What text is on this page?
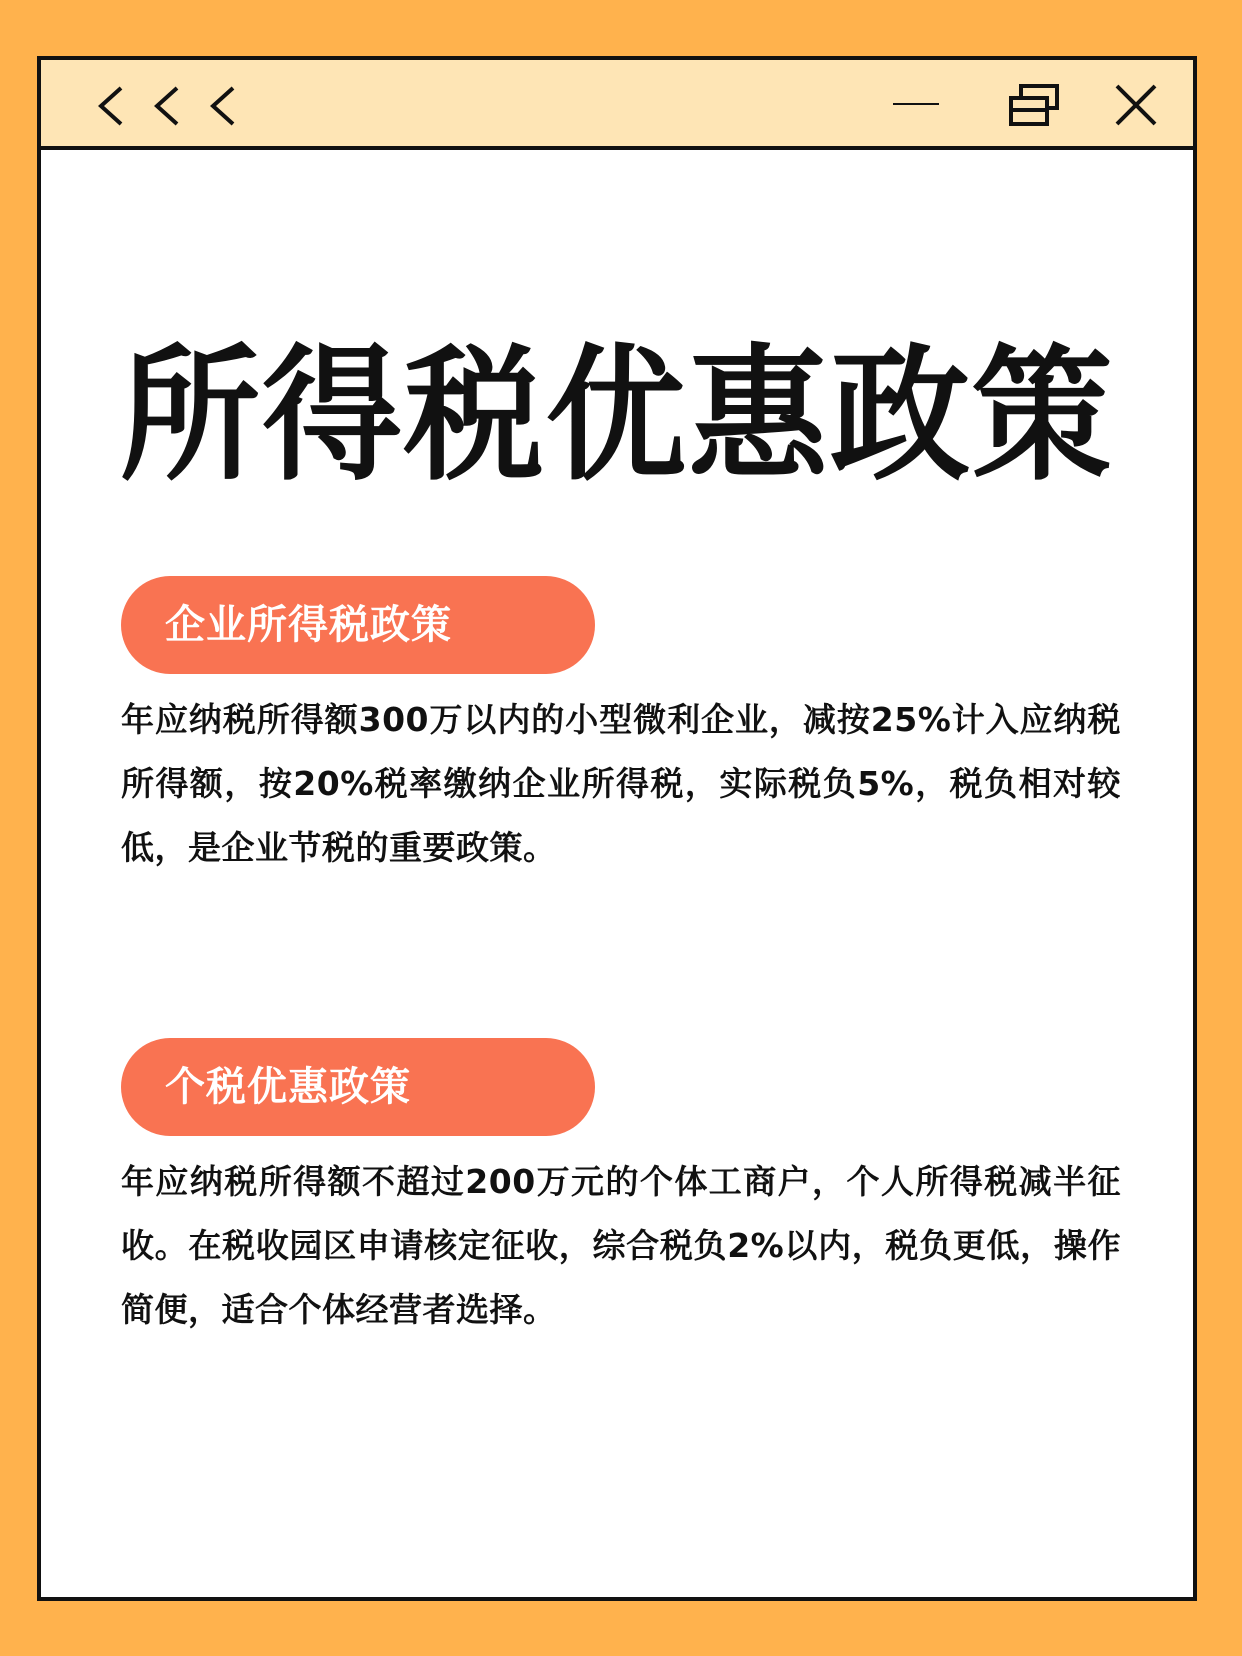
所得税优惠政策
企业所得税政策
年应纳税所得额300万以内的小型微利企业，减按25%计入应纳税所得额，按20%税率缴纳企业所得税，实际税负5%，税负相对较低，是企业节税的重要政策。
个税优惠政策
年应纳税所得额不超过200万元的个体工商户，个人所得税减半征收。在税收园区申请核定征收，综合税负2%以内，税负更低，操作简便，适合个体经营者选择。
